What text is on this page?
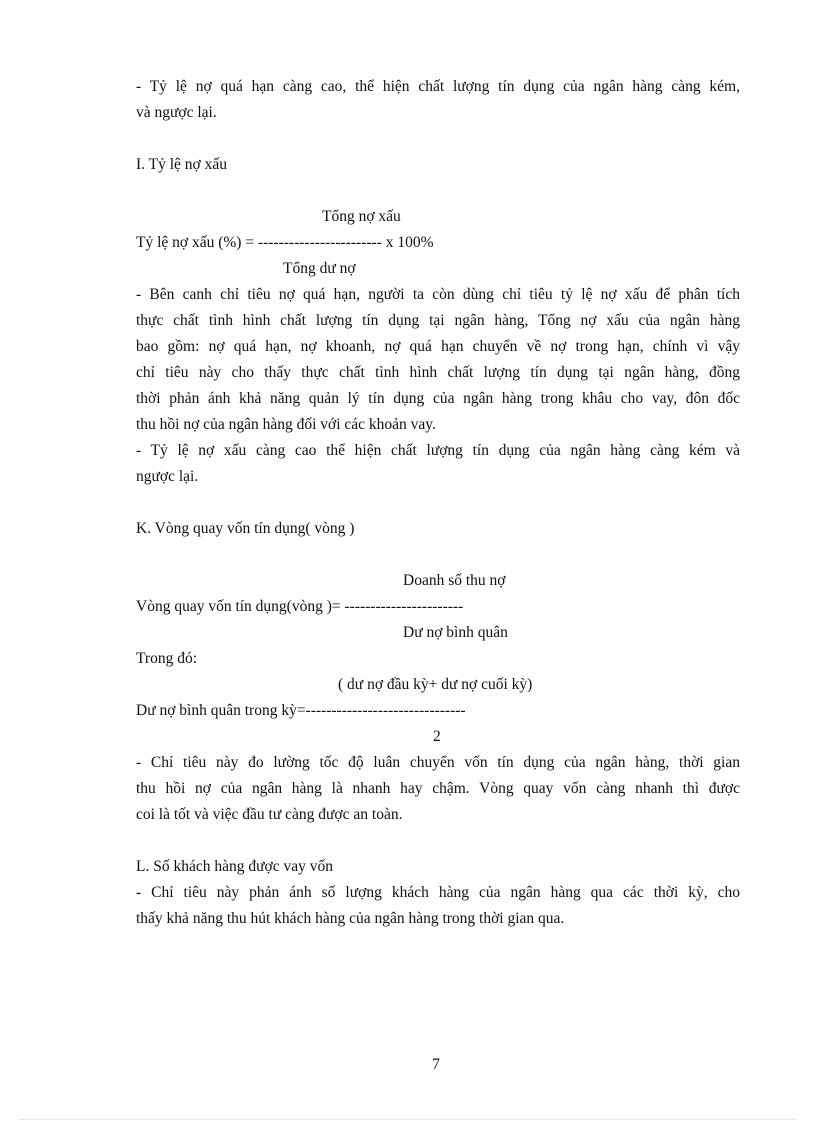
- Tỷ lệ nợ quá hạn càng cao, thể hiện chất lượng tín dụng của ngân hàng càng kém,
và ngược lại.
I. Tỷ lệ nợ xấu
Tổng nợ xấu
Tỷ lệ nợ xấu (%) = ------------------------ x 100%
Tổng dư nợ
- Bên canh chỉ tiêu nợ quá hạn, người ta còn dùng chỉ tiêu tỷ lệ nợ xấu để phân tích
thực chất tình hình chất lượng tín dụng tại ngân hàng, Tổng nợ xấu của ngân hàng
bao gồm: nợ quá hạn, nợ khoanh, nợ quá hạn chuyển về nợ trong hạn, chính vì vậy
chỉ tiêu này cho thấy thực chất tình hình chất lượng tín dụng tại ngân hàng, đồng
thời phản ánh khả năng quản lý tín dụng của ngân hàng trong khâu cho vay, đôn đốc
thu hồi nợ của ngân hàng đối với các khoản vay.
- Tỷ lệ nợ xấu càng cao thể hiện chất lượng tín dụng của ngân hàng càng kém và
ngược lại.
K. Vòng quay vốn tín dụng( vòng )
Doanh số thu nợ
Vòng quay vốn tín dụng(vòng )= -----------------------
Dư nợ bình quân
Trong đó:
( dư nợ đầu kỳ+ dư nợ cuối kỳ)
Dư nợ bình quân trong kỳ=-------------------------------
2
- Chỉ tiêu này đo lường tốc độ luân chuyển vốn tín dụng của ngân hàng, thời gian
thu hồi nợ của ngân hàng là nhanh hay chậm. Vòng quay vốn càng nhanh thì được
coi là tốt và việc đầu tư càng được an toàn.
L. Số khách hàng được vay vốn
- Chỉ tiêu này phản ánh số lượng khách hàng của ngân hàng qua các thời kỳ, cho
thấy khả năng thu hút khách hàng của ngân hàng trong thời gian qua.
7
